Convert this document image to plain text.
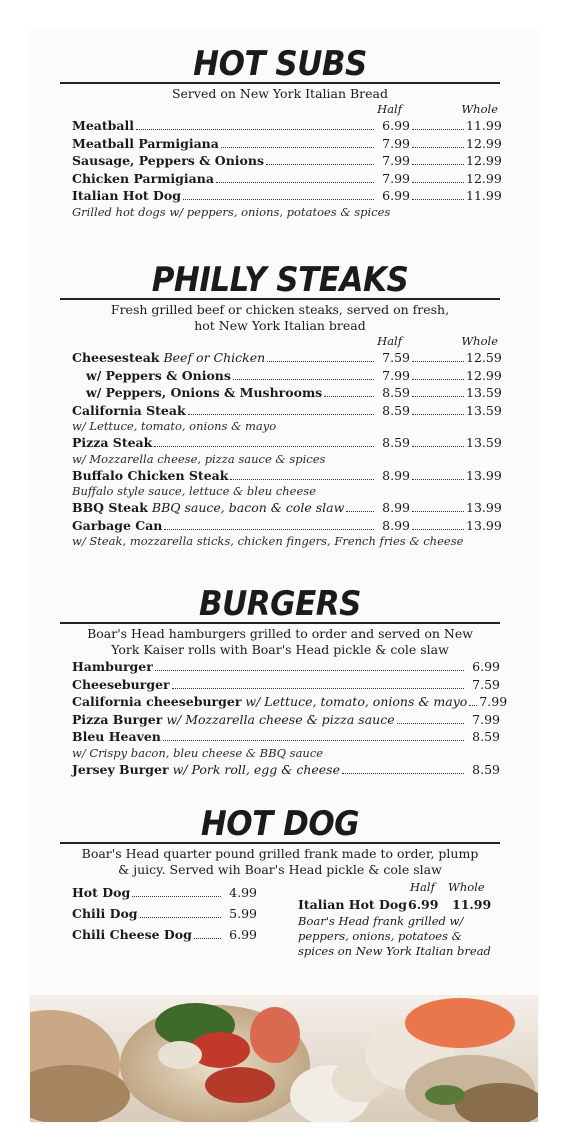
HOT SUBS
Served on New York Italian Bread
Half	Whole
Meatball	6.99	11.99
Meatball Parmigiana	7.99	12.99
Sausage, Peppers & Onions	7.99	12.99
Chicken Parmigiana	7.99	12.99
Italian Hot Dog	6.99	11.99
Grilled hot dogs w/ peppers, onions, potatoes & spices
PHILLY STEAKS
Fresh grilled beef or chicken steaks, served on fresh,
hot New York Italian bread
Half	Whole
Cheesesteak Beef or Chicken	7.59	12.59
w/ Peppers & Onions	7.99	12.99
w/ Peppers, Onions & Mushrooms	8.59	13.59
California Steak	8.59	13.59
w/ Lettuce, tomato, onions & mayo
Pizza Steak	8.59	13.59
w/ Mozzarella cheese, pizza sauce & spices
Buffalo Chicken Steak	8.99	13.99
Buffalo style sauce, lettuce & bleu cheese
BBQ Steak BBQ sauce, bacon & cole slaw	8.99	13.99
Garbage Can	8.99	13.99
w/ Steak, mozzarella sticks, chicken fingers, French fries & cheese
BURGERS
Boar's Head hamburgers grilled to order and served on New
York Kaiser rolls with Boar's Head pickle & cole slaw
Hamburger	6.99
Cheeseburger	7.59
California cheeseburger w/ Lettuce, tomato, onions & mayo 7.99
Pizza Burger w/ Mozzarella cheese & pizza sauce	7.99
Bleu Heaven	8.59
w/ Crispy bacon, bleu cheese & BBQ sauce
Jersey Burger w/ Pork roll, egg & cheese	8.59
HOT DOG
Boar's Head quarter pound grilled frank made to order, plump
& juicy. Served wih Boar's Head pickle & cole slaw
Hot Dog	4.99
Chili Dog	5.99
Chili Cheese Dog	6.99
Half Whole
Italian Hot Dog 6.99 11.99
Boar's Head frank grilled w/
peppers, onions, potatoes &
spices on New York Italian bread
